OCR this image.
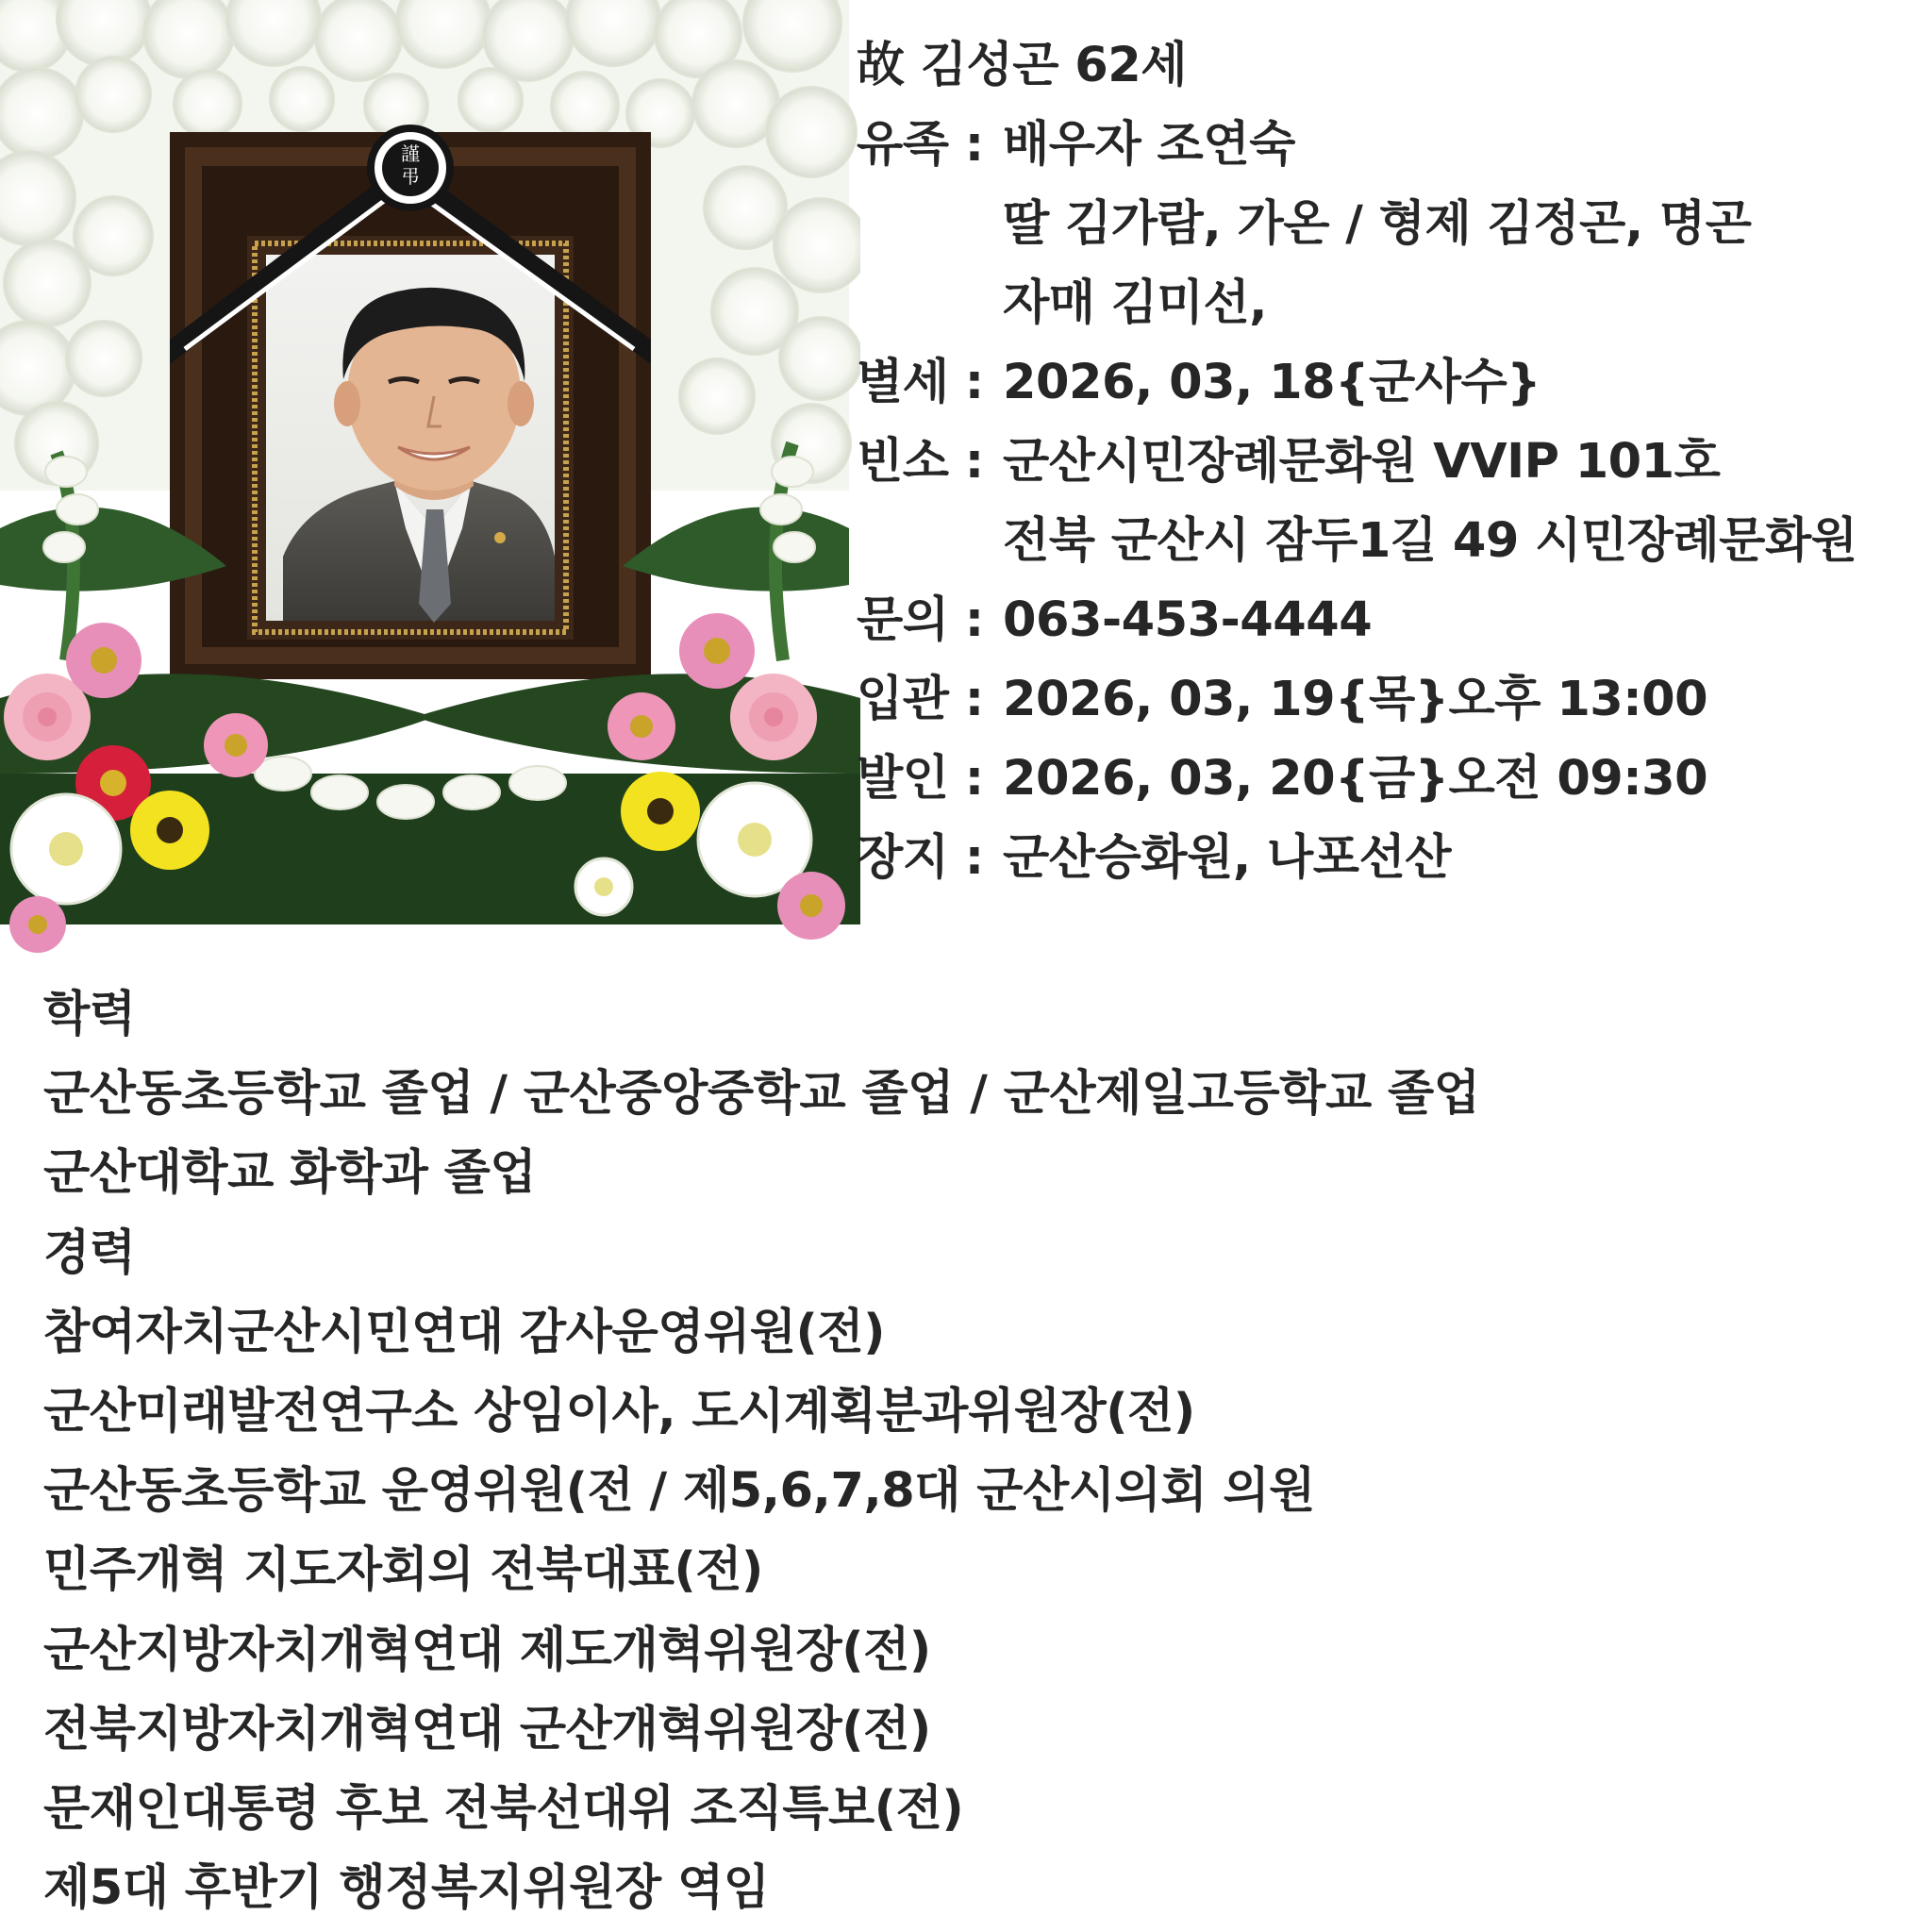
謹
弔
故 김성곤 62세
유족 : 배우자 조연숙
딸 김가람, 가온 / 형제 김정곤, 명곤
자매 김미선,
별세 : 2026, 03, 18{군사수}
빈소 : 군산시민장례문화원 VVIP 101호
전북 군산시 잠두1길 49 시민장례문화원
문의 : 063-453-4444
입관 : 2026, 03, 19{목}오후 13:00
발인 : 2026, 03, 20{금}오전 09:30
장지 : 군산승화원, 나포선산
학력
군산동초등학교 졸업 / 군산중앙중학교 졸업 / 군산제일고등학교 졸업
군산대학교 화학과 졸업
경력
참여자치군산시민연대 감사운영위원(전)
군산미래발전연구소 상임이사, 도시계획분과위원장(전)
군산동초등학교 운영위원(전 / 제5,6,7,8대 군산시의회 의원
민주개혁 지도자회의 전북대표(전)
군산지방자치개혁연대 제도개혁위원장(전)
전북지방자치개혁연대 군산개혁위원장(전)
문재인대통령 후보 전북선대위 조직특보(전)
제5대 후반기 행정복지위원장 역임
